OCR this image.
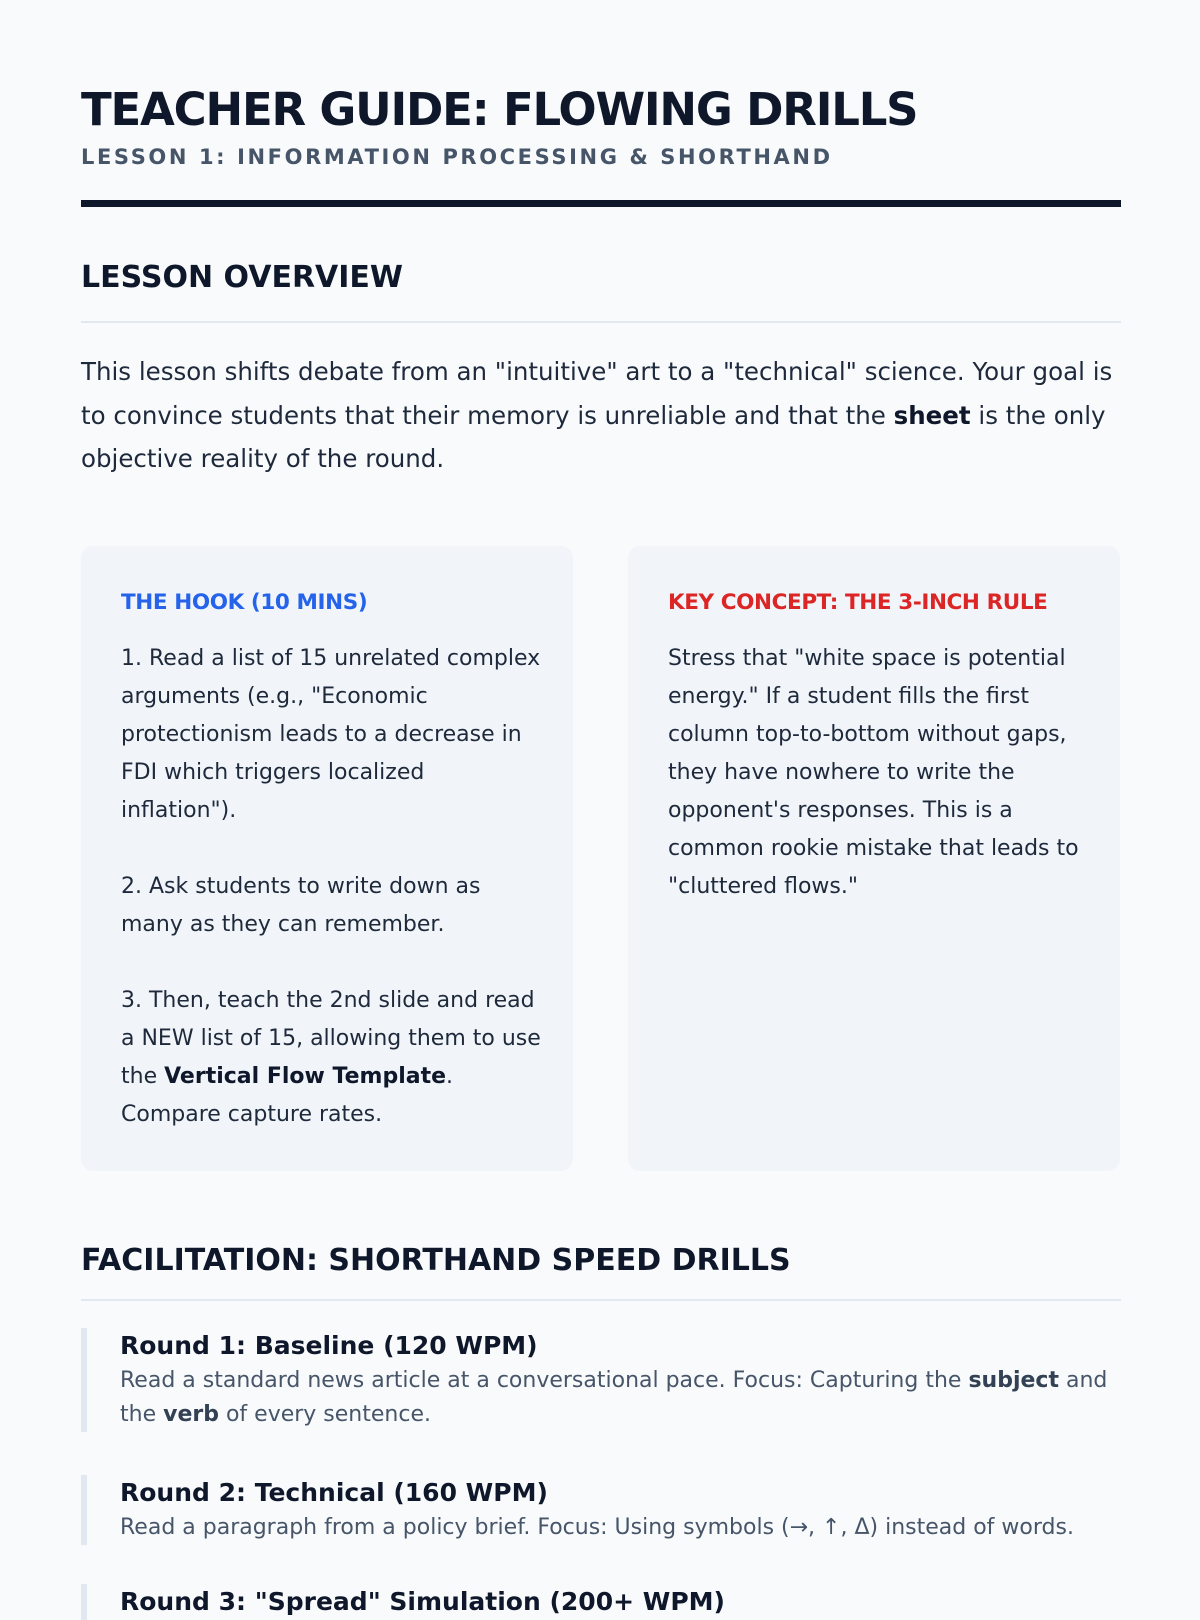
TEACHER GUIDE: FLOWING DRILLS
LESSON 1: INFORMATION PROCESSING & SHORTHAND
LESSON OVERVIEW

This lesson shifts debate from an "intuitive" art to a "technical" science. Your goal is to convince students that their memory is unreliable and that the sheet is the only objective reality of the round.

THE HOOK (10 MINS)

1. Read a list of 15 unrelated complex arguments (e.g., "Economic protectionism leads to a decrease in FDI which triggers localized inflation").

2. Ask students to write down as many as they can remember.

3. Then, teach the 2nd slide and read a NEW list of 15, allowing them to use the Vertical Flow Template.
Compare capture rates.

KEY CONCEPT: THE 3-INCH RULE

Stress that "white space is potential energy." If a student fills the first column top-to-bottom without gaps, they have nowhere to write the opponent's responses. This is a common rookie mistake that leads to "cluttered flows."

FACILITATION: SHORTHAND SPEED DRILLS
Round 1: Baseline (120 WPM)

Read a standard news article at a conversational pace. Focus: Capturing the subject and the verb of every sentence.

Round 2: Technical (160 WPM)

Read a paragraph from a policy brief. Focus: Using symbols (→, ↑, Δ) instead of words.

Round 3: "Spread" Simulation (200+ WPM)
